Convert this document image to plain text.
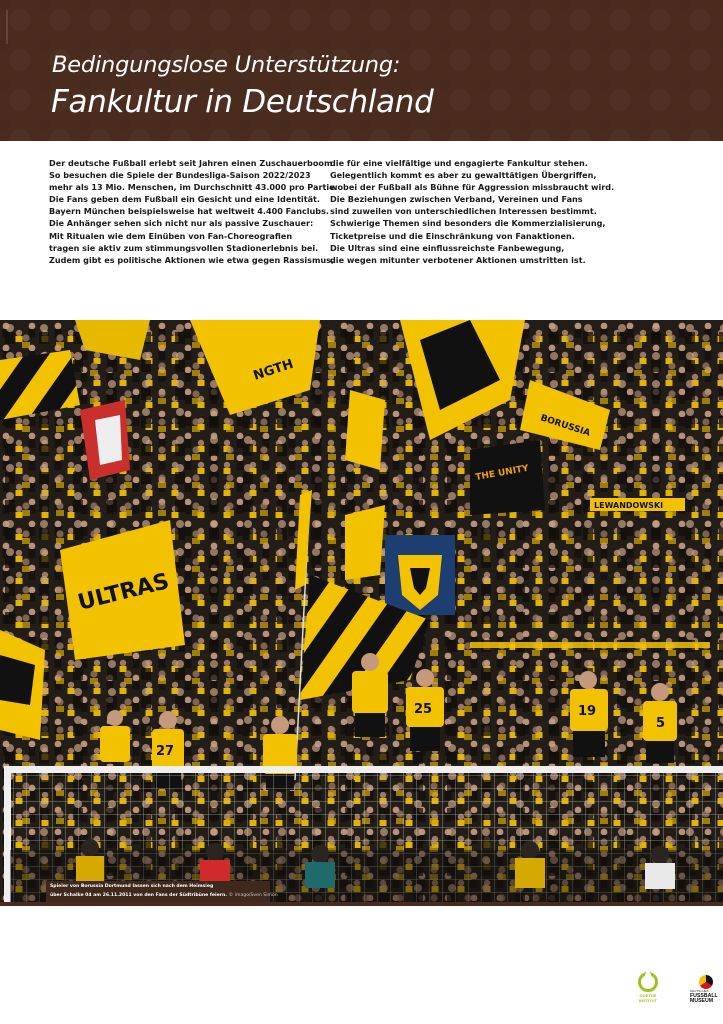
Bedingungslose Unterstützung:
Fankultur in Deutschland
Der deutsche Fußball erlebt seit Jahren einen Zuschauerboom.
So besuchen die Spiele der Bundesliga-Saison 2022/2023
mehr als 13 Mio. Menschen, im Durchschnitt 43.000 pro Partie.
Die Fans geben dem Fußball ein Gesicht und eine Identität.
Bayern München beispielsweise hat weltweit 4.400 Fanclubs.
Die Anhänger sehen sich nicht nur als passive Zuschauer:
Mit Ritualen wie dem Einüben von Fan-Choreografien
tragen sie aktiv zum stimmungsvollen Stadionerlebnis bei.
Zudem gibt es politische Aktionen wie etwa gegen Rassismus,
die für eine vielfältige und engagierte Fankultur stehen.
Gelegentlich kommt es aber zu gewalttätigen Übergriffen,
wobei der Fußball als Bühne für Aggression missbraucht wird.
Die Beziehungen zwischen Verband, Vereinen und Fans
sind zuweilen von unterschiedlichen Interessen bestimmt.
Schwierige Themen sind besonders die Kommerzialisierung,
Ticketpreise und die Einschränkung von Fanaktionen.
Die Ultras sind eine einflussreichste Fanbewegung,
die wegen mitunter verbotener Aktionen umstritten ist.
NGTH
BORUSSIA
THE UNITY
LEWANDOWSKI
ULTRAS
27
25	19
5
Spieler von Borussia Dortmund lassen sich nach dem Heimsieg
über Schalke 04 am 26.11.2011 von den Fans der Südtribüne feiern. © imago/Sven Simon
GOETHE
INSTITUT
DEUTSCHES
FUSSBALL
MUSEUM
